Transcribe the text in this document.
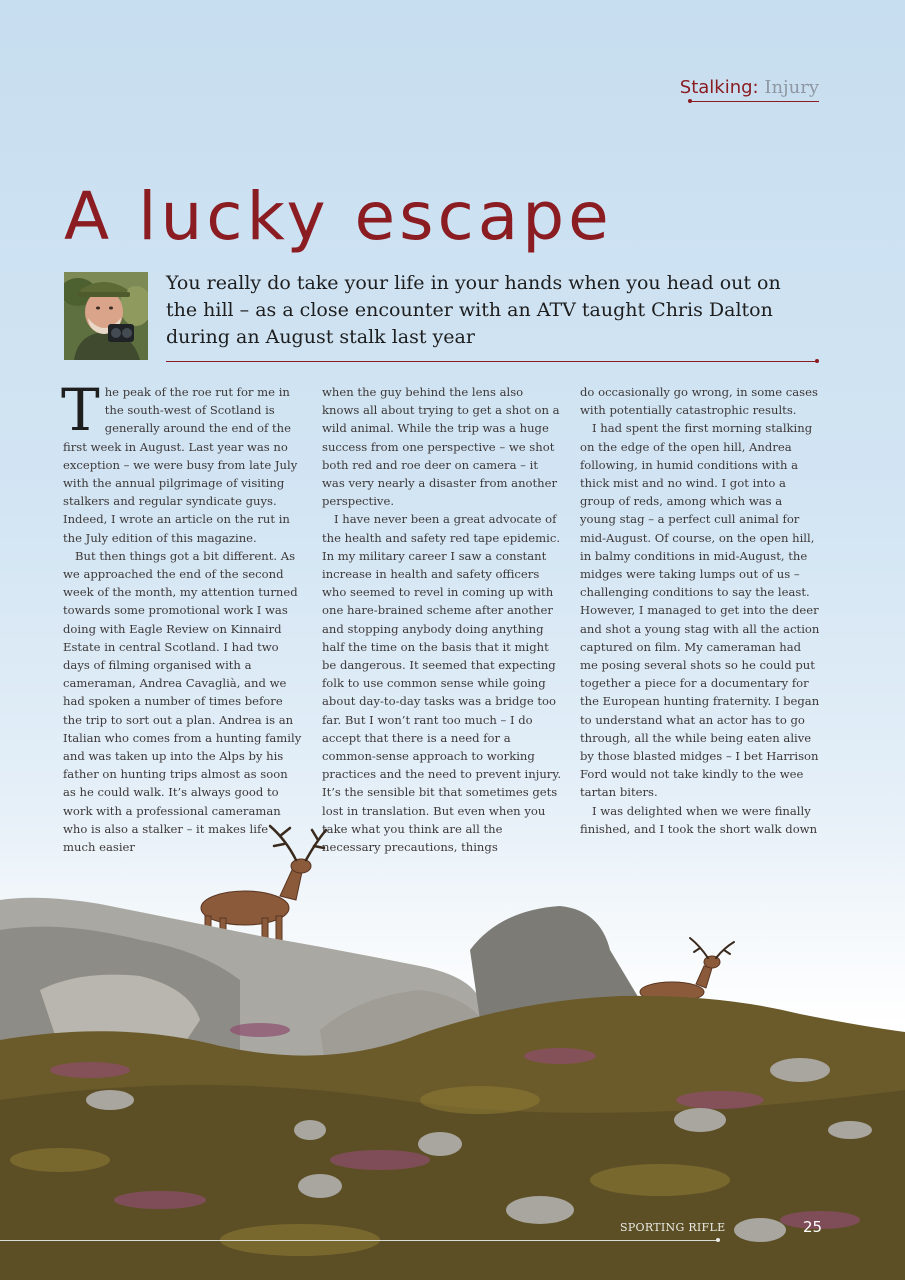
Stalking: Injury
A lucky escape

You really do take your life in your hands when you head out on the hill – as a close encounter with an ATV taught Chris Dalton during an August stalk last year

The peak of the roe rut for me in the south-west of Scotland is generally around the end of the first week in August. Last year was no exception – we were busy from late July with the annual pilgrimage of visiting stalkers and regular syndicate guys. Indeed, I wrote an article on the rut in the July edition of this magazine.

But then things got a bit different. As we approached the end of the second week of the month, my attention turned towards some promotional work I was doing with Eagle Review on Kinnaird Estate in central Scotland. I had two days of filming organised with a cameraman, Andrea Cavaglià, and we had spoken a number of times before the trip to sort out a plan. Andrea is an Italian who comes from a hunting family and was taken up into the Alps by his father on hunting trips almost as soon as he could walk. It’s always good to work with a professional cameraman who is also a stalker – it makes life much easier

when the guy behind the lens also knows all about trying to get a shot on a wild animal. While the trip was a huge success from one perspective – we shot both red and roe deer on camera – it was very nearly a disaster from another perspective.

I have never been a great advocate of the health and safety red tape epidemic. In my military career I saw a constant increase in health and safety officers who seemed to revel in coming up with one hare-brained scheme after another and stopping anybody doing anything half the time on the basis that it might be dangerous. It seemed that expecting folk to use common sense while going about day-to-day tasks was a bridge too far. But I won’t rant too much – I do accept that there is a need for a common-sense approach to working practices and the need to prevent injury. It’s the sensible bit that sometimes gets lost in translation. But even when you take what you think are all the necessary precautions, things

do occasionally go wrong, in some cases with potentially catastrophic results.

I had spent the first morning stalking on the edge of the open hill, Andrea following, in humid conditions with a thick mist and no wind. I got into a group of reds, among which was a young stag – a perfect cull animal for mid-August. Of course, on the open hill, in balmy conditions in mid-August, the midges were taking lumps out of us – challenging conditions to say the least. However, I managed to get into the deer and shot a young stag with all the action captured on film. My cameraman had me posing several shots so he could put together a piece for a documentary for the European hunting fraternity. I began to understand what an actor has to go through, all the while being eaten alive by those blasted midges – I bet Harrison Ford would not take kindly to the wee tartan biters.

I was delighted when we were finally finished, and I took the short walk down

SPORTING RIFLE	25
